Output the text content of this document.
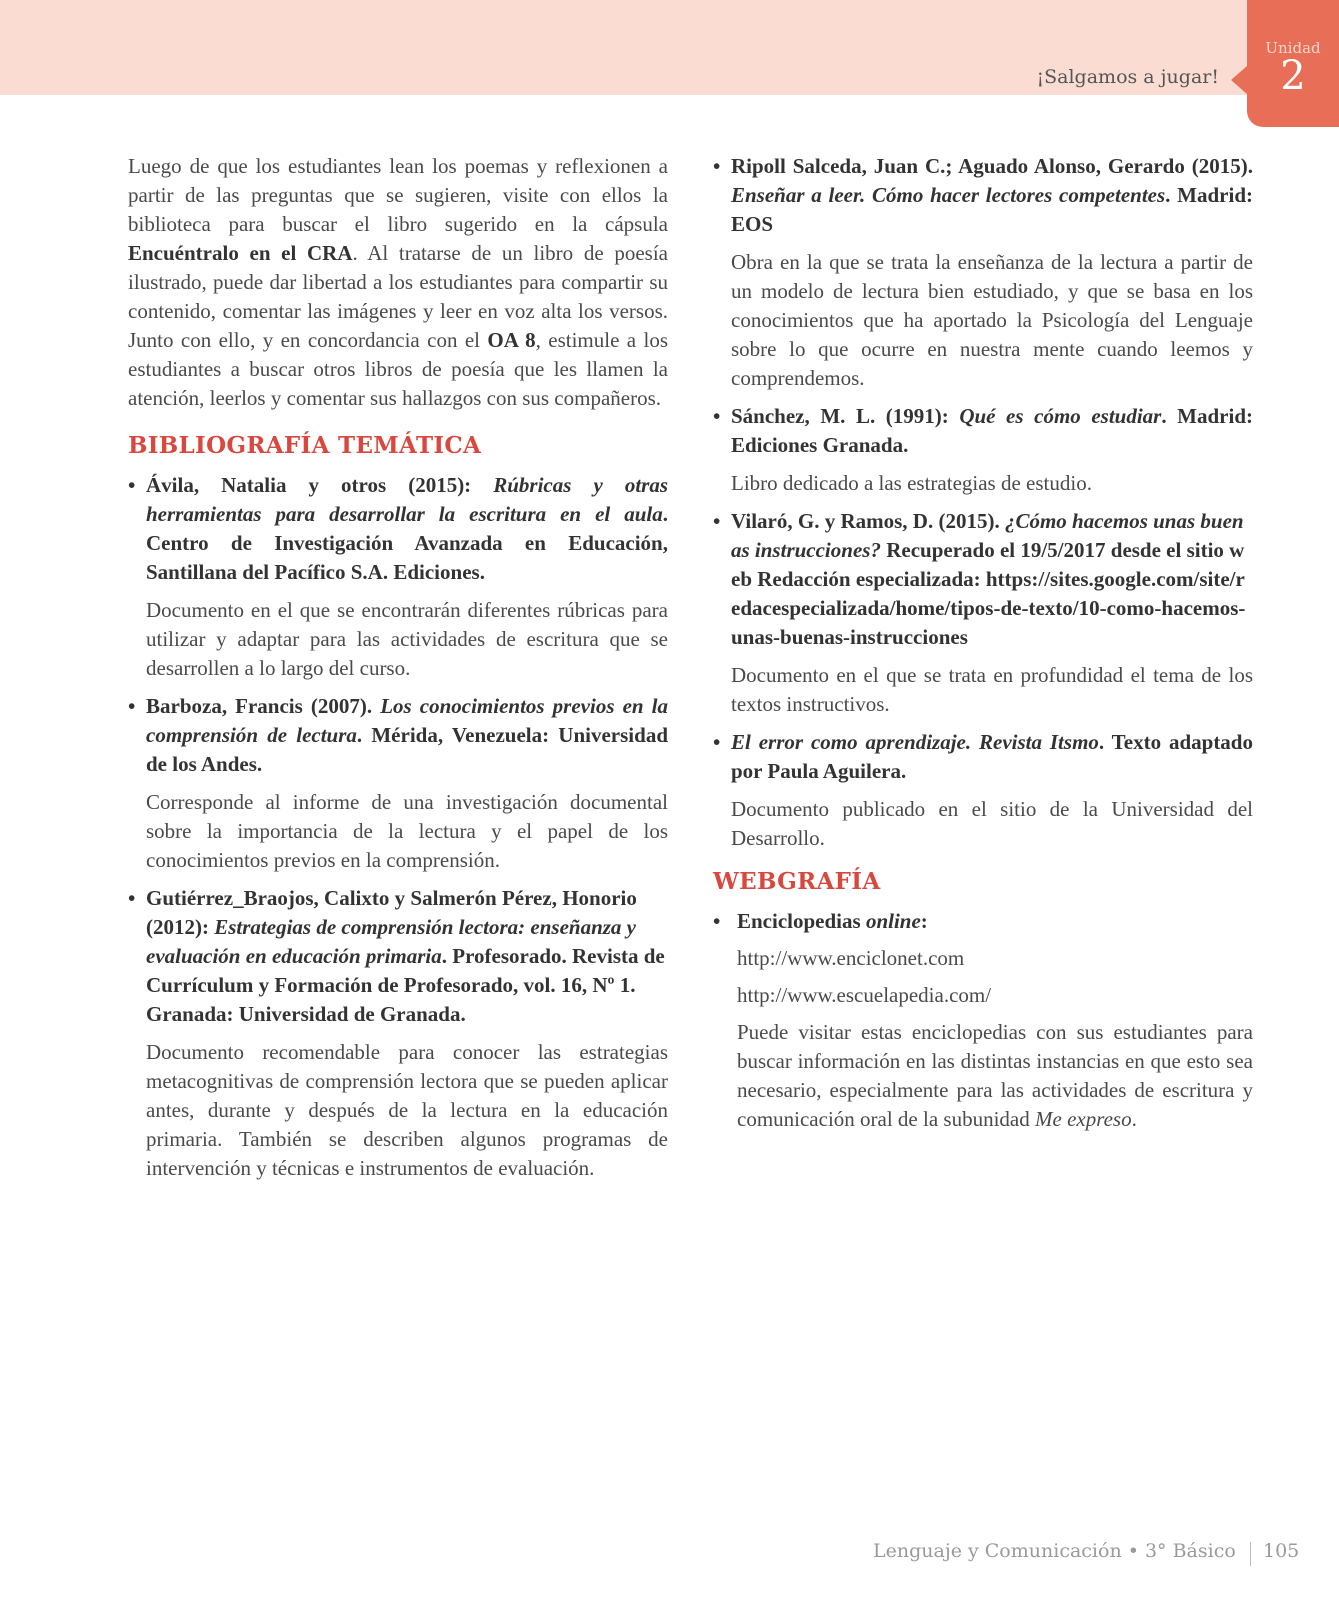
¡Salgamos a jugar!
Unidad
2

Luego de que los estudiantes lean los poemas y reflexionen a partir de las preguntas que se sugieren, visite con ellos la biblioteca para buscar el libro sugerido en la cápsula Encuéntralo en el CRA. Al tratarse de un libro de poesía ilustrado, puede dar libertad a los estudiantes para compartir su contenido, comentar las imágenes y leer en voz alta los versos. Junto con ello, y en concordancia con el OA 8, estimule a los estudiantes a buscar otros libros de poesía que les llamen la atención, leerlos y comentar sus hallazgos con sus compañeros.

BIBLIOGRAFÍA TEMÁTICA
• Ávila, Natalia y otros (2015): Rúbricas y otras herramientas para desarrollar la escritura en el aula. Centro de Investigación Avanzada en Educación, Santillana del Pacífico S.A. Ediciones.

Documento en el que se encontrarán diferentes rúbricas para utilizar y adaptar para las actividades de escritura que se desarrollen a lo largo del curso.

• Barboza, Francis (2007). Los conocimientos previos en la comprensión de lectura. Mérida, Venezuela: Universidad de los Andes.

Corresponde al informe de una investigación documental sobre la importancia de la lectura y el papel de los conocimientos previos en la comprensión.

• Gutiérrez_Braojos, Calixto y Salmerón Pérez, Honorio (2012): Estrategias de comprensión lectora: enseñanza y evaluación en educación primaria. Profesorado. Revista de Currículum y Formación de Profesorado, vol. 16, Nº 1. Granada: Universidad de Granada.

Documento recomendable para conocer las estrategias metacognitivas de comprensión lectora que se pueden aplicar antes, durante y después de la lectura en la educación primaria. También se describen algunos programas de intervención y técnicas e instrumentos de evaluación.

• Ripoll Salceda, Juan C.; Aguado Alonso, Gerardo (2015). Enseñar a leer. Cómo hacer lectores competentes. Madrid: EOS

Obra en la que se trata la enseñanza de la lectura a partir de un modelo de lectura bien estudiado, y que se basa en los conocimientos que ha aportado la Psicología del Lenguaje sobre lo que ocurre en nuestra mente cuando leemos y comprendemos.

• Sánchez, M. L. (1991): Qué es cómo estudiar. Madrid: Ediciones Granada.

Libro dedicado a las estrategias de estudio.

• Vilaró, G. y Ramos, D. (2015). ¿Cómo hacemos unas buenas instrucciones? Recuperado el 19/5/2017 desde el sitio web Redacción especializada: https://sites.google.com/site/redacespecializada/home/tipos-de-texto/10-como-hacemos-unas-buenas-instrucciones

Documento en el que se trata en profundidad el tema de los textos instructivos.

• El error como aprendizaje. Revista Itsmo. Texto adaptado por Paula Aguilera.

Documento publicado en el sitio de la Universidad del Desarrollo.

WEBGRAFÍA
• Enciclopedias online:

http://www.enciclonet.com

http://www.escuelapedia.com/

Puede visitar estas enciclopedias con sus estudiantes para buscar información en las distintas instancias en que esto sea necesario, especialmente para las actividades de escritura y comunicación oral de la subunidad Me expreso.

Lenguaje y Comunicación • 3° Básico 105
